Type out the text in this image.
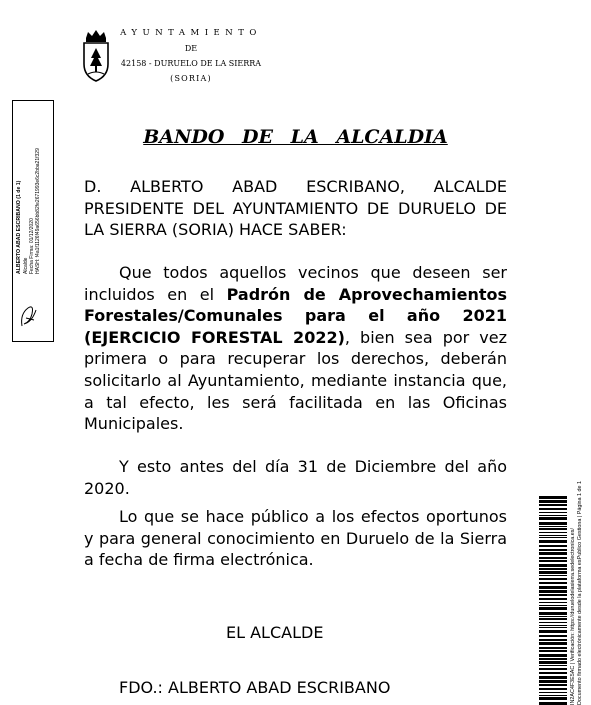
AYUNTAMIENTO
DE
42158 - DURUELO DE LA SIERRA
(SORIA)
ALBERTO ABAD ESCRIBANO (1 de 1) Alcalde Fecha Firma: 01/12/2020 HASH: f4a1f1126f49a656bb82fe2671993e6c2bba21f329
BANDO DE LA ALCALDIA

D. ALBERTO ABAD ESCRIBANO, ALCALDE PRESIDENTE DEL AYUNTAMIENTO DE DURUELO DE LA SIERRA (SORIA) HACE SABER:

Que todos aquellos vecinos que deseen ser incluidos en el Padrón de Aprovechamientos Forestales/Comunales para el año 2021 (EJERCICIO FORESTAL 2022), bien sea por vez primera o para recuperar los derechos, deberán solicitarlo al Ayuntamiento, mediante instancia que, a tal efecto, les será facilitada en las Oficinas Municipales.

Y esto antes del día 31 de Diciembre del año 2020.

Lo que se hace público a los efectos oportunos y para general conocimiento en Duruelo de la Sierra a fecha de firma electrónica.

EL ALCALDE
FDO.: ALBERTO ABAD ESCRIBANO	IN2AC4F3E5AC | Verificación: https://duruelodelasierra.sedelectronica.es/ Documento firmado electrónicamente desde la plataforma esPublico Gestiona | Página 1 de 1
